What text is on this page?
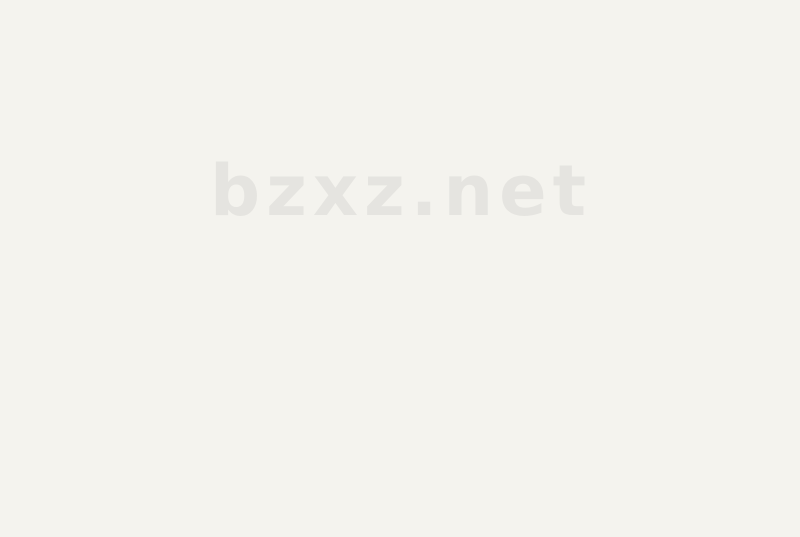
bzxz.net
